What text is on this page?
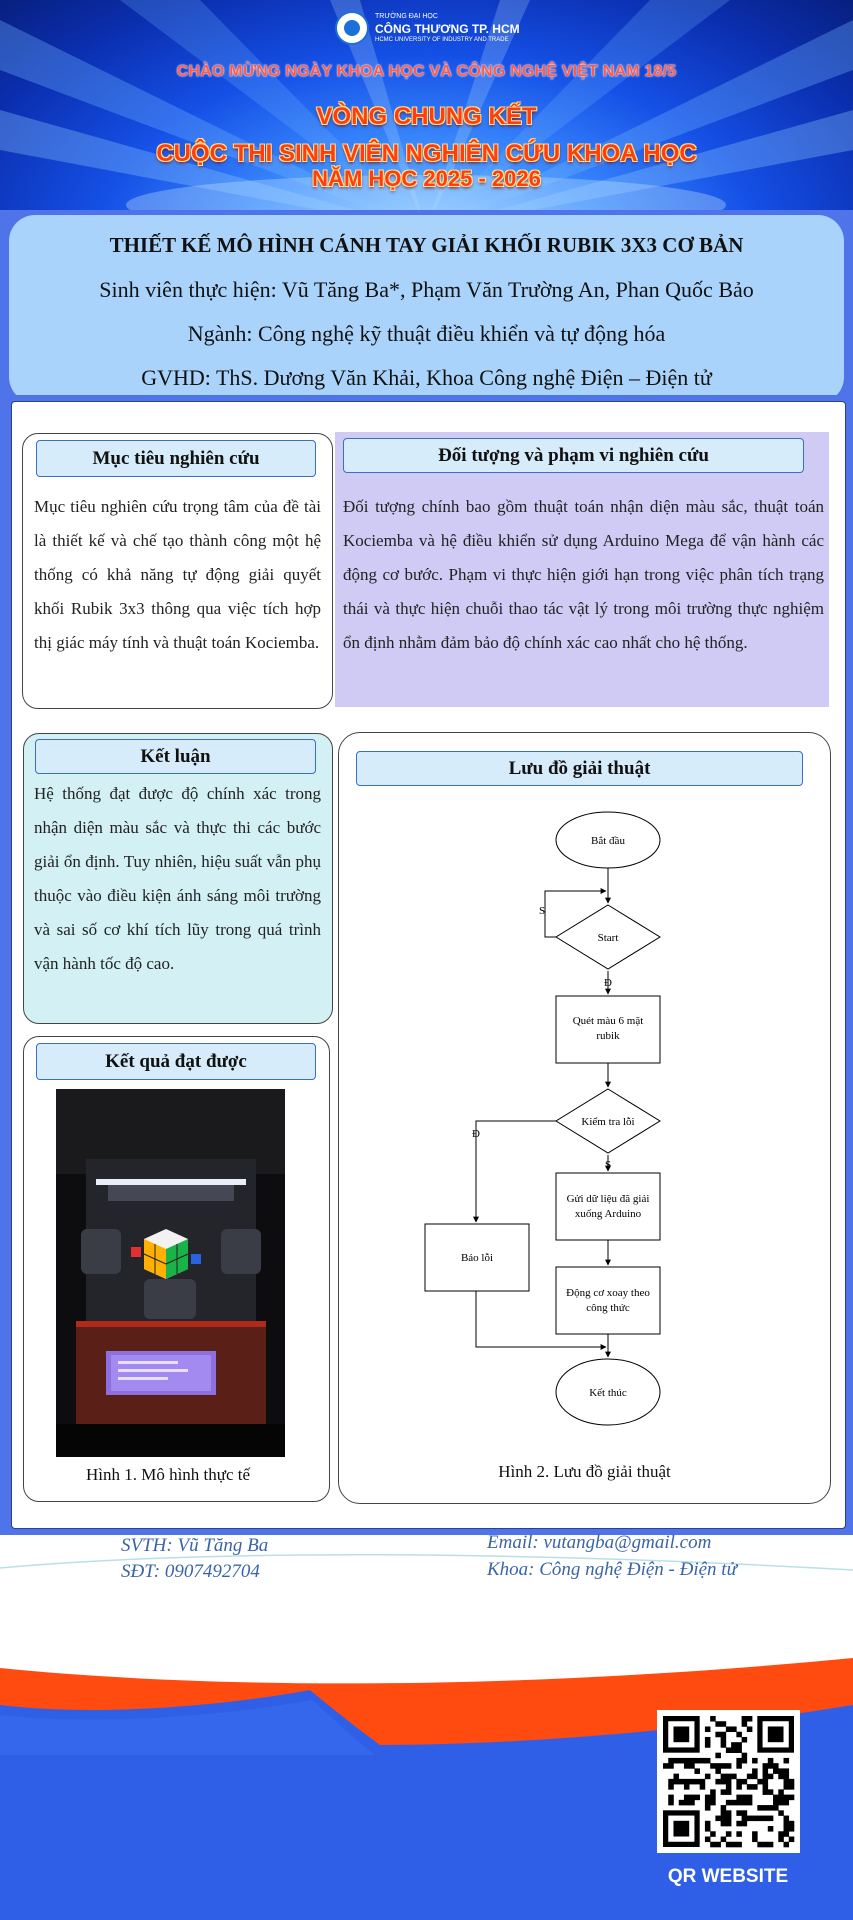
TRƯỜNG ĐẠI HỌC
CÔNG THƯƠNG TP. HCM
HCMC UNIVERSITY OF INDUSTRY AND TRADE
CHÀO MỪNG NGÀY KHOA HỌC VÀ CÔNG NGHỆ VIỆT NAM 18/5
VÒNG CHUNG KẾT
CUỘC THI SINH VIÊN NGHIÊN CỨU KHOA HỌC
NĂM HỌC 2025 - 2026
THIẾT KẾ MÔ HÌNH CÁNH TAY GIẢI KHỐI RUBIK 3X3 CƠ BẢN
Sinh viên thực hiện: Vũ Tăng Ba*, Phạm Văn Trường An, Phan Quốc Bảo
Ngành: Công nghệ kỹ thuật điều khiển và tự động hóa
GVHD: ThS. Dương Văn Khải, Khoa Công nghệ Điện – Điện tử
Mục tiêu nghiên cứu
Mục tiêu nghiên cứu trọng tâm của đề tài là thiết kế và chế tạo thành công một hệ thống có khả năng tự động giải quyết khối Rubik 3x3 thông qua việc tích hợp thị giác máy tính và thuật toán Kociemba.
Đối tượng và phạm vi nghiên cứu
Đối tượng chính bao gồm thuật toán nhận diện màu sắc, thuật toán Kociemba và hệ điều khiển sử dụng Arduino Mega để vận hành các động cơ bước. Phạm vi thực hiện giới hạn trong việc phân tích trạng thái và thực hiện chuỗi thao tác vật lý trong môi trường thực nghiệm ổn định nhằm đảm bảo độ chính xác cao nhất cho hệ thống.
Kết luận
Hệ thống đạt được độ chính xác trong nhận diện màu sắc và thực thi các bước giải ổn định. Tuy nhiên, hiệu suất vẫn phụ thuộc vào điều kiện ánh sáng môi trường và sai số cơ khí tích lũy trong quá trình vận hành tốc độ cao.
Kết quả đạt được
Hình 1. Mô hình thực tế
Lưu đồ giải thuật
Bắt đầu
Start
Quét màu 6 mặt
rubik
Kiểm tra lỗi
Gửi dữ liệu đã giải
xuống Arduino
Báo lỗi
Động cơ xoay theo
công thức
Kết thúc
S
Đ
Đ
S
Hình 2. Lưu đồ giải thuật
SVTH: Vũ Tăng Ba
SĐT: 0907492704
Email: vutangba@gmail.com
Khoa: Công nghệ Điện - Điện tử
QR WEBSITE
